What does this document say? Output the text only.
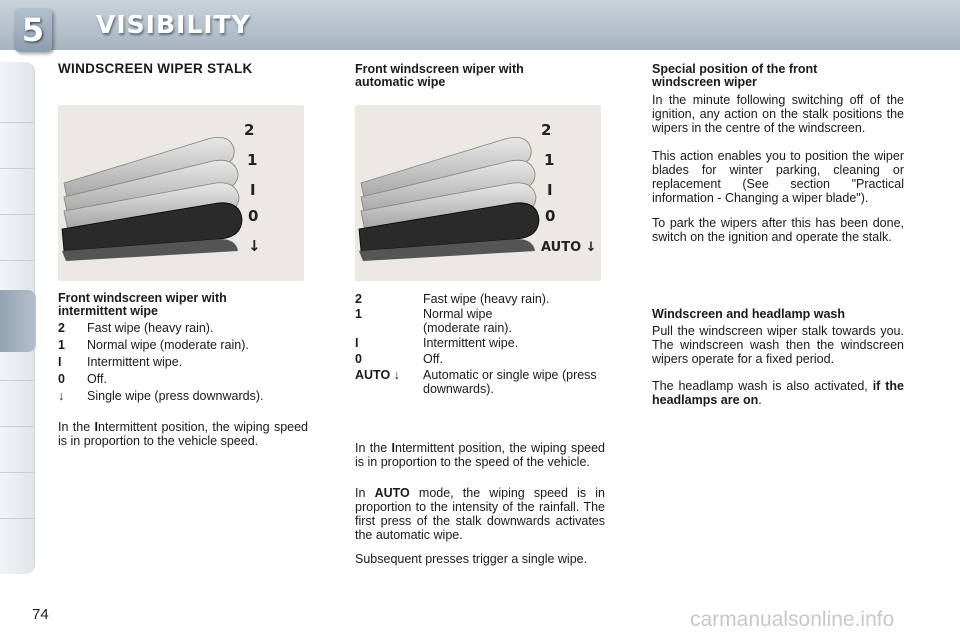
5	VISIBILITY
WINDSCREEN WIPER STALK
2
1
I
0
↓
Front windscreen wiper with intermittent wipe
2 Fast wipe (heavy rain).
1 Normal wipe (moderate rain).
I Intermittent wipe.
0 Off.
↓ Single wipe (press downwards).
In the Intermittent position, the wiping speed is in proportion to the vehicle speed.
Front windscreen wiper with automatic wipe
2
1
I
0
AUTO ↓
2	Fast wipe (heavy rain).
1	Normal wipe (moderate rain).
I	Intermittent wipe.
0	Off.
AUTO ↓ Automatic or single wipe (press downwards).
In the Intermittent position, the wiping speed is in proportion to the speed of the vehicle.
In AUTO mode, the wiping speed is in proportion to the intensity of the rainfall. The first press of the stalk downwards activates the automatic wipe.
Subsequent presses trigger a single wipe.
Special position of the front windscreen wiper
In the minute following switching off of the ignition, any action on the stalk positions the wipers in the centre of the windscreen.
This action enables you to position the wiper blades for winter parking, cleaning or replacement (See section "Practical information - Changing a wiper blade").
To park the wipers after this has been done, switch on the ignition and operate the stalk.
Windscreen and headlamp wash
Pull the windscreen wiper stalk towards you. The windscreen wash then the windscreen wipers operate for a fixed period.
The headlamp wash is also activated, if the headlamps are on.
74	carmanualsonline.info
